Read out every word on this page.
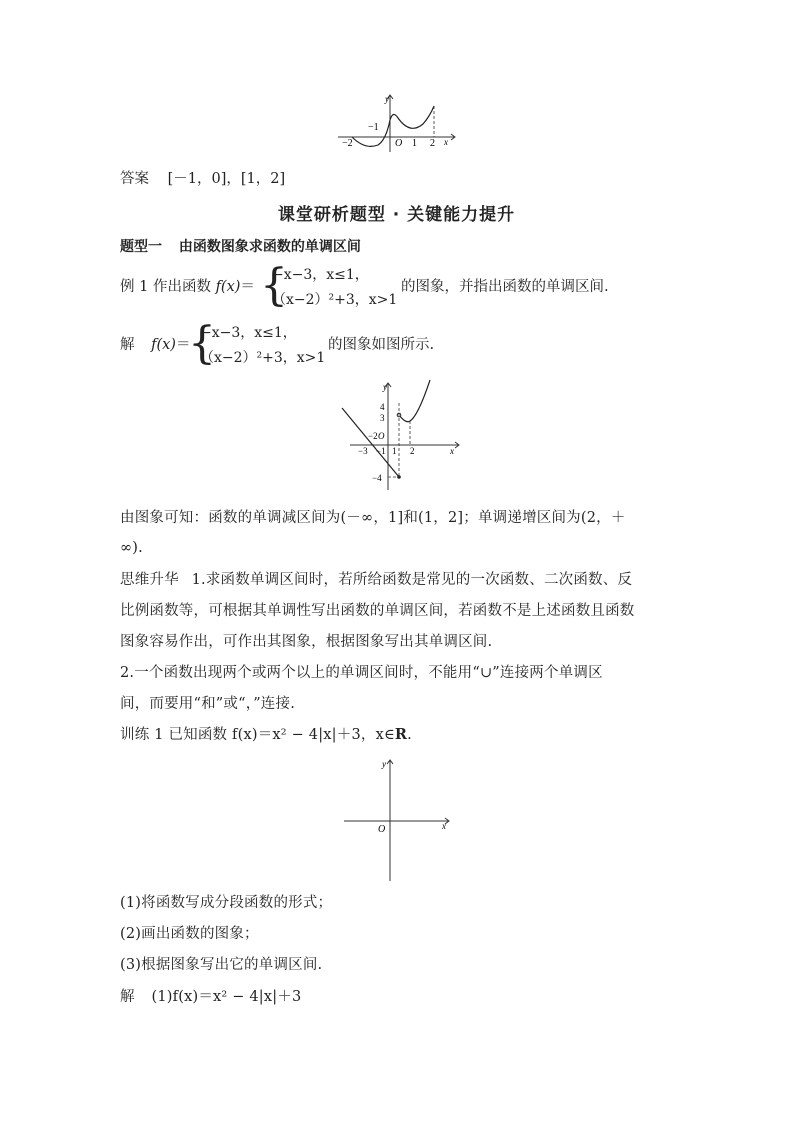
y
x
O
−2
−1
1 2
答案 [－1，0]，[1，2]
课堂研析题型 · 关键能力提升
题型一 由函数图象求函数的单调区间
例 1 作出函数 f(x)＝ {
−x−3，x≤1，
（x−2）²+3，x>1
的图象，并指出函数的单调区间.
解 f(x)＝
{
−x−3，x≤1，
（x−2）²+3，x>1
的图象如图所示.
y
x
4
3
−2 O
−3 −1 1 2
−4
由图象可知：函数的单调减区间为(－∞，1]和(1，2]；单调递增区间为(2，＋
∞).
思维升华 1.求函数单调区间时，若所给函数是常见的一次函数、二次函数、反
比例函数等，可根据其单调性写出函数的单调区间，若函数不是上述函数且函数
图象容易作出，可作出其图象，根据图象写出其单调区间.
2.一个函数出现两个或两个以上的单调区间时，不能用“∪”连接两个单调区
间，而要用“和”或“，”连接.
训练 1 已知函数 f(x)＝x² − 4|x|＋3，x∈R.
y
x
O
(1)将函数写成分段函数的形式；
(2)画出函数的图象；
(3)根据图象写出它的单调区间.
解 (1)f(x)＝x² − 4|x|＋3
